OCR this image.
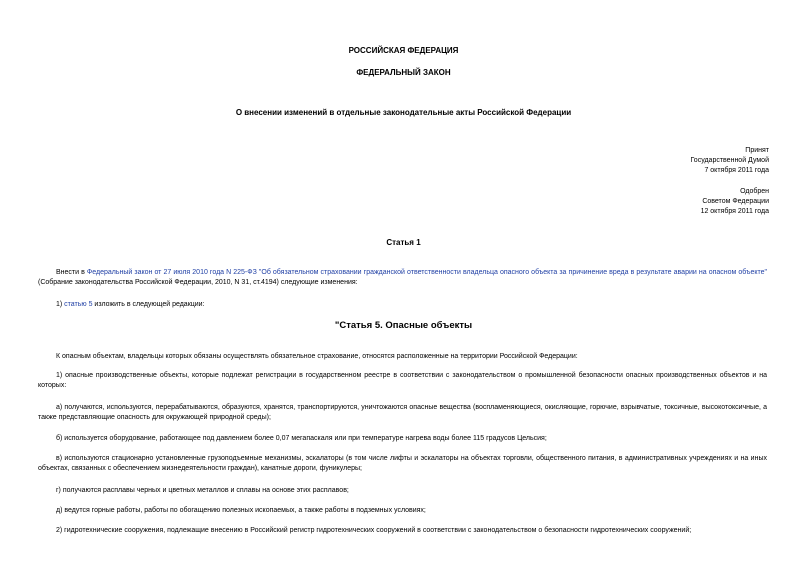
РОССИЙСКАЯ ФЕДЕРАЦИЯ
ФЕДЕРАЛЬНЫЙ ЗАКОН
О внесении изменений в отдельные законодательные акты Российской Федерации
Принят
Государственной Думой
7 октября 2011 года
Одобрен
Советом Федерации
12 октября 2011 года
Статья 1
Внести в Федеральный закон от 27 июля 2010 года N 225-ФЗ "Об обязательном страховании гражданской ответственности владельца опасного объекта за причинение вреда в результате аварии на опасном объекте" (Собрание законодательства Российской Федерации, 2010, N 31, ст.4194) следующие изменения:
1) статью 5 изложить в следующей редакции:
"Статья 5. Опасные объекты
К опасным объектам, владельцы которых обязаны осуществлять обязательное страхование, относятся расположенные на территории Российской Федерации:
1) опасные производственные объекты, которые подлежат регистрации в государственном реестре в соответствии с законодательством о промышленной безопасности опасных производственных объектов и на которых:
а) получаются, используются, перерабатываются, образуются, хранятся, транспортируются, уничтожаются опасные вещества (воспламеняющиеся, окисляющие, горючие, взрывчатые, токсичные, высокотоксичные, а также представляющие опасность для окружающей природной среды);
б) используется оборудование, работающее под давлением более 0,07 мегапаскаля или при температуре нагрева воды более 115 градусов Цельсия;
в) используются стационарно установленные грузоподъемные механизмы, эскалаторы (в том числе лифты и эскалаторы на объектах торговли, общественного питания, в административных учреждениях и на иных объектах, связанных с обеспечением жизнедеятельности граждан), канатные дороги, фуникулеры;
г) получаются расплавы черных и цветных металлов и сплавы на основе этих расплавов;
д) ведутся горные работы, работы по обогащению полезных ископаемых, а также работы в подземных условиях;
2) гидротехнические сооружения, подлежащие внесению в Российский регистр гидротехнических сооружений в соответствии с законодательством о безопасности гидротехнических сооружений;
